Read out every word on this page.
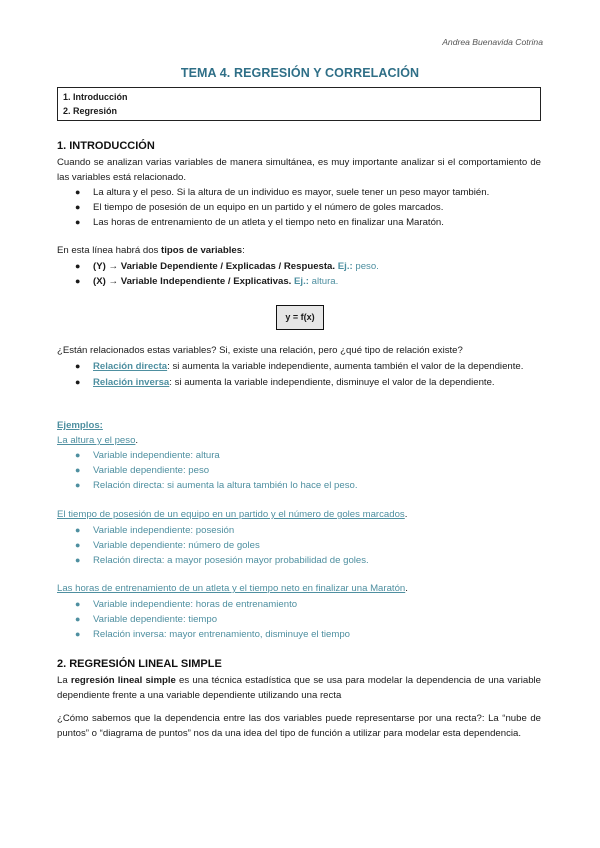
Andrea Buenavida Cotrina
TEMA 4. REGRESIÓN Y CORRELACIÓN
1. Introducción
2. Regresión
1. INTRODUCCIÓN
Cuando se analizan varias variables de manera simultánea, es muy importante analizar si el comportamiento de las variables está relacionado.
● La altura y el peso. Si la altura de un individuo es mayor, suele tener un peso mayor también.
● El tiempo de posesión de un equipo en un partido y el número de goles marcados.
● Las horas de entrenamiento de un atleta y el tiempo neto en finalizar una Maratón.
En esta línea habrá dos tipos de variables:
● (Y) → Variable Dependiente / Explicadas / Respuesta. Ej.: peso.
● (X) → Variable Independiente / Explicativas. Ej.: altura.
y = f(x)
¿Están relacionados estas variables? Si, existe una relación, pero ¿qué tipo de relación existe?
● Relación directa: si aumenta la variable independiente, aumenta también el valor de la dependiente.
● Relación inversa: si aumenta la variable independiente, disminuye el valor de la dependiente.
Ejemplos:
La altura y el peso.
● Variable independiente: altura
● Variable dependiente: peso
● Relación directa: si aumenta la altura también lo hace el peso.
El tiempo de posesión de un equipo en un partido y el número de goles marcados.
● Variable independiente: posesión
● Variable dependiente: número de goles
● Relación directa: a mayor posesión mayor probabilidad de goles.
Las horas de entrenamiento de un atleta y el tiempo neto en finalizar una Maratón.
● Variable independiente: horas de entrenamiento
● Variable dependiente: tiempo
● Relación inversa: mayor entrenamiento, disminuye el tiempo
2. REGRESIÓN LINEAL SIMPLE
La regresión lineal simple es una técnica estadística que se usa para modelar la dependencia de una variable dependiente frente a una variable dependiente utilizando una recta
¿Cómo sabemos que la dependencia entre las dos variables puede representarse por una recta?: La “nube de puntos” o “diagrama de puntos” nos da una idea del tipo de función a utilizar para modelar esta dependencia.
